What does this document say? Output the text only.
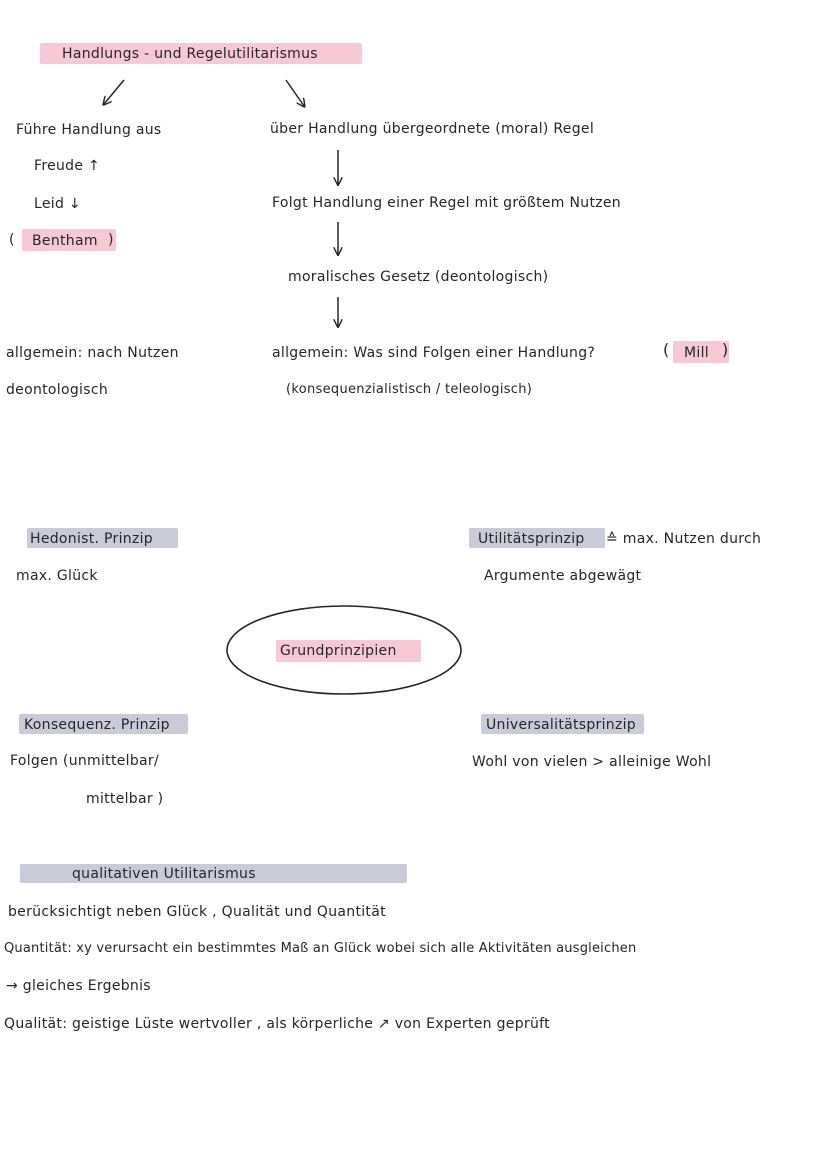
Handlungs - und Regelutilitarismus
Führe Handlung aus
Freude ↑
Leid ↓
( Bentham )
allgemein: nach Nutzen
deontologisch
über Handlung übergeordnete (moral) Regel
Folgt Handlung einer Regel mit größtem Nutzen
moralisches Gesetz (deontologisch)
allgemein: Was sind Folgen einer Handlung?	( Mill )
(konsequenzialistisch / teleologisch)
Hedonist. Prinzip
max. Glück
Utilitätsprinzip ≙ max. Nutzen durch
Argumente abgewägt
Grundprinzipien
Konsequenz. Prinzip
Folgen (unmittelbar/
mittelbar )
Universalitätsprinzip
Wohl von vielen > alleinige Wohl
qualitativen Utilitarismus
berücksichtigt neben Glück , Qualität und Quantität
Quantität: xy verursacht ein bestimmtes Maß an Glück wobei sich alle Aktivitäten ausgleichen
→ gleiches Ergebnis
Qualität: geistige Lüste wertvoller , als körperliche ↗ von Experten geprüft
